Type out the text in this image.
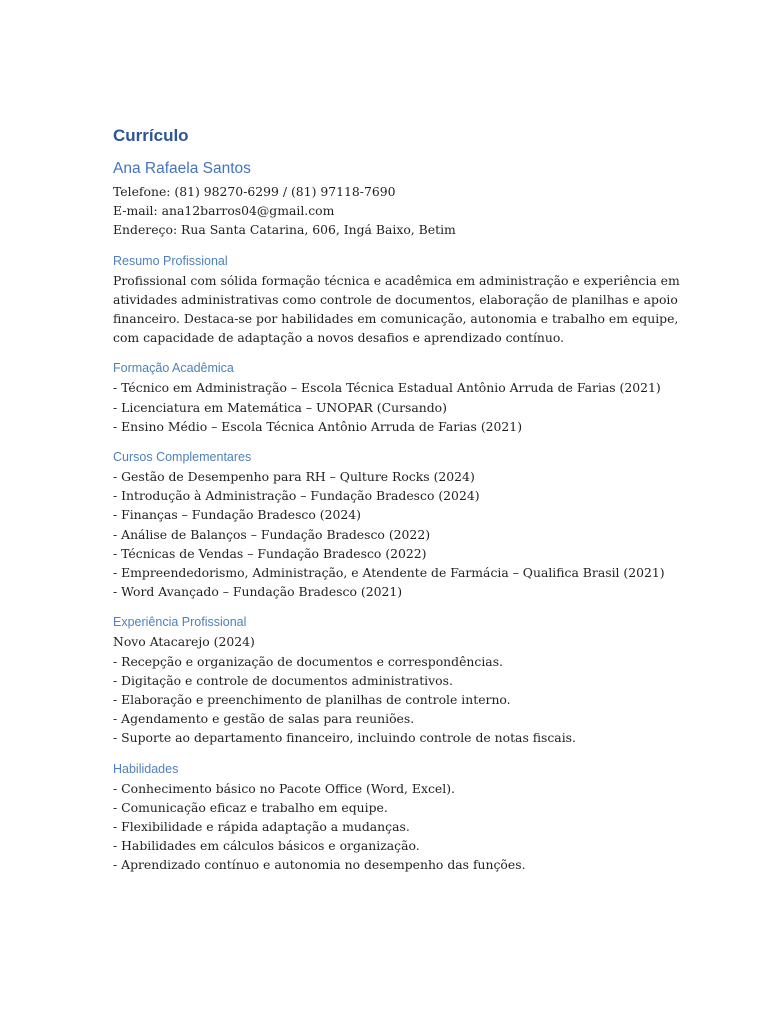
Currículo
Ana Rafaela Santos

Telefone: (81) 98270-6299 / (81) 97118-7690

E-mail: ana12barros04@gmail.com

Endereço: Rua Santa Catarina, 606, Ingá Baixo, Betim

Resumo Profissional

Profissional com sólida formação técnica e acadêmica em administração e experiência em

atividades administrativas como controle de documentos, elaboração de planilhas e apoio

financeiro. Destaca-se por habilidades em comunicação, autonomia e trabalho em equipe,

com capacidade de adaptação a novos desafios e aprendizado contínuo.

Formação Acadêmica

- Técnico em Administração – Escola Técnica Estadual Antônio Arruda de Farias (2021)

- Licenciatura em Matemática – UNOPAR (Cursando)

- Ensino Médio – Escola Técnica Antônio Arruda de Farias (2021)

Cursos Complementares

- Gestão de Desempenho para RH – Qulture Rocks (2024)

- Introdução à Administração – Fundação Bradesco (2024)

- Finanças – Fundação Bradesco (2024)

- Análise de Balanços – Fundação Bradesco (2022)

- Técnicas de Vendas – Fundação Bradesco (2022)

- Empreendedorismo, Administração, e Atendente de Farmácia – Qualifica Brasil (2021)

- Word Avançado – Fundação Bradesco (2021)

Experiência Profissional

Novo Atacarejo (2024)

- Recepção e organização de documentos e correspondências.

- Digitação e controle de documentos administrativos.

- Elaboração e preenchimento de planilhas de controle interno.

- Agendamento e gestão de salas para reuniões.

- Suporte ao departamento financeiro, incluindo controle de notas fiscais.

Habilidades

- Conhecimento básico no Pacote Office (Word, Excel).

- Comunicação eficaz e trabalho em equipe.

- Flexibilidade e rápida adaptação a mudanças.

- Habilidades em cálculos básicos e organização.

- Aprendizado contínuo e autonomia no desempenho das funções.
